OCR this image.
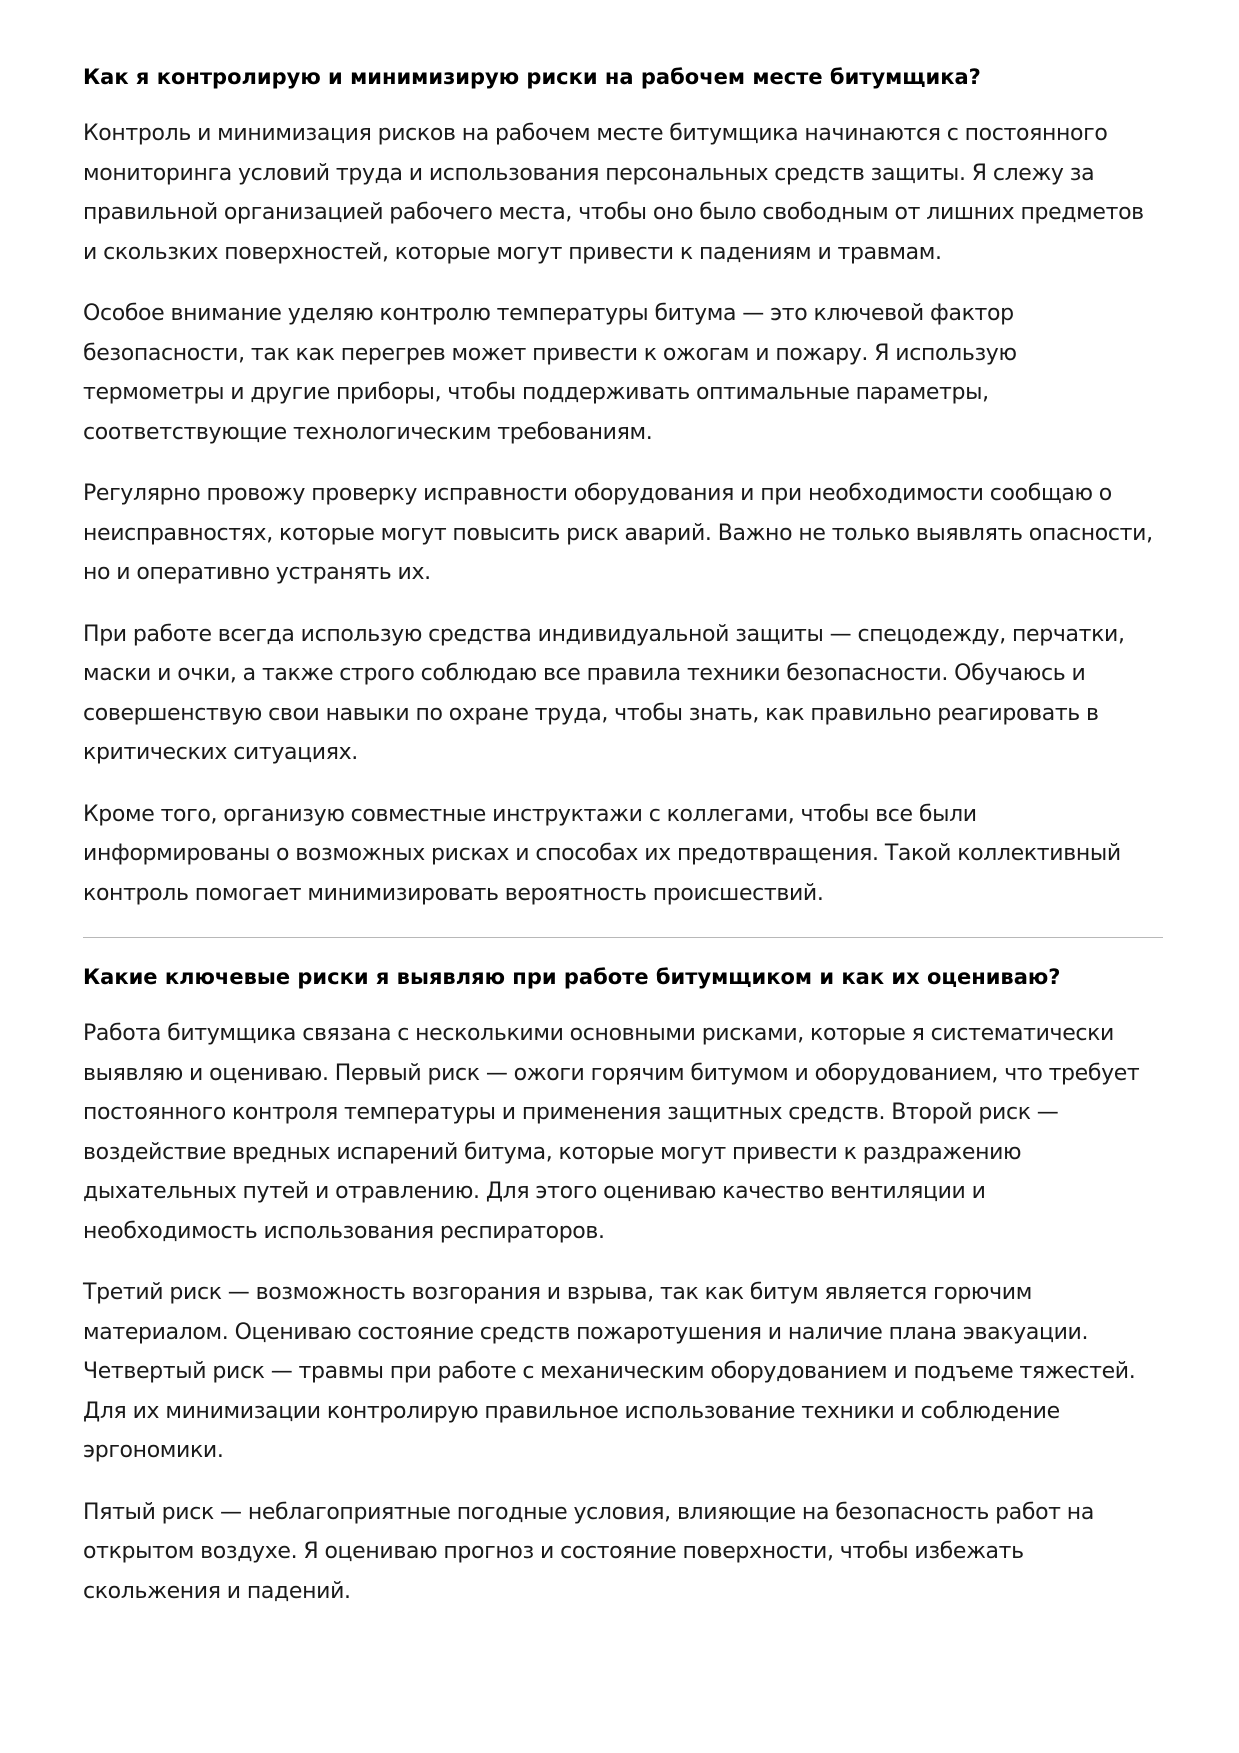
Как я контролирую и минимизирую риски на рабочем месте битумщика?

Контроль и минимизация рисков на рабочем месте битумщика начинаются с постоянного мониторинга условий труда и использования персональных средств защиты. Я слежу за правильной организацией рабочего места, чтобы оно было свободным от лишних предметов и скользких поверхностей, которые могут привести к падениям и травмам.

Особое внимание уделяю контролю температуры битума — это ключевой фактор безопасности, так как перегрев может привести к ожогам и пожару. Я использую термометры и другие приборы, чтобы поддерживать оптимальные параметры, соответствующие технологическим требованиям.

Регулярно провожу проверку исправности оборудования и при необходимости сообщаю о неисправностях, которые могут повысить риск аварий. Важно не только выявлять опасности, но и оперативно устранять их.

При работе всегда использую средства индивидуальной защиты — спецодежду, перчатки, маски и очки, а также строго соблюдаю все правила техники безопасности. Обучаюсь и совершенствую свои навыки по охране труда, чтобы знать, как правильно реагировать в критических ситуациях.

Кроме того, организую совместные инструктажи с коллегами, чтобы все были информированы о возможных рисках и способах их предотвращения. Такой коллективный контроль помогает минимизировать вероятность происшествий.

Какие ключевые риски я выявляю при работе битумщиком и как их оцениваю?

Работа битумщика связана с несколькими основными рисками, которые я систематически выявляю и оцениваю. Первый риск — ожоги горячим битумом и оборудованием, что требует постоянного контроля температуры и применения защитных средств. Второй риск — воздействие вредных испарений битума, которые могут привести к раздражению дыхательных путей и отравлению. Для этого оцениваю качество вентиляции и необходимость использования респираторов.

Третий риск — возможность возгорания и взрыва, так как битум является горючим материалом. Оцениваю состояние средств пожаротушения и наличие плана эвакуации. Четвертый риск — травмы при работе с механическим оборудованием и подъеме тяжестей. Для их минимизации контролирую правильное использование техники и соблюдение эргономики.

Пятый риск — неблагоприятные погодные условия, влияющие на безопасность работ на открытом воздухе. Я оцениваю прогноз и состояние поверхности, чтобы избежать скольжения и падений.
